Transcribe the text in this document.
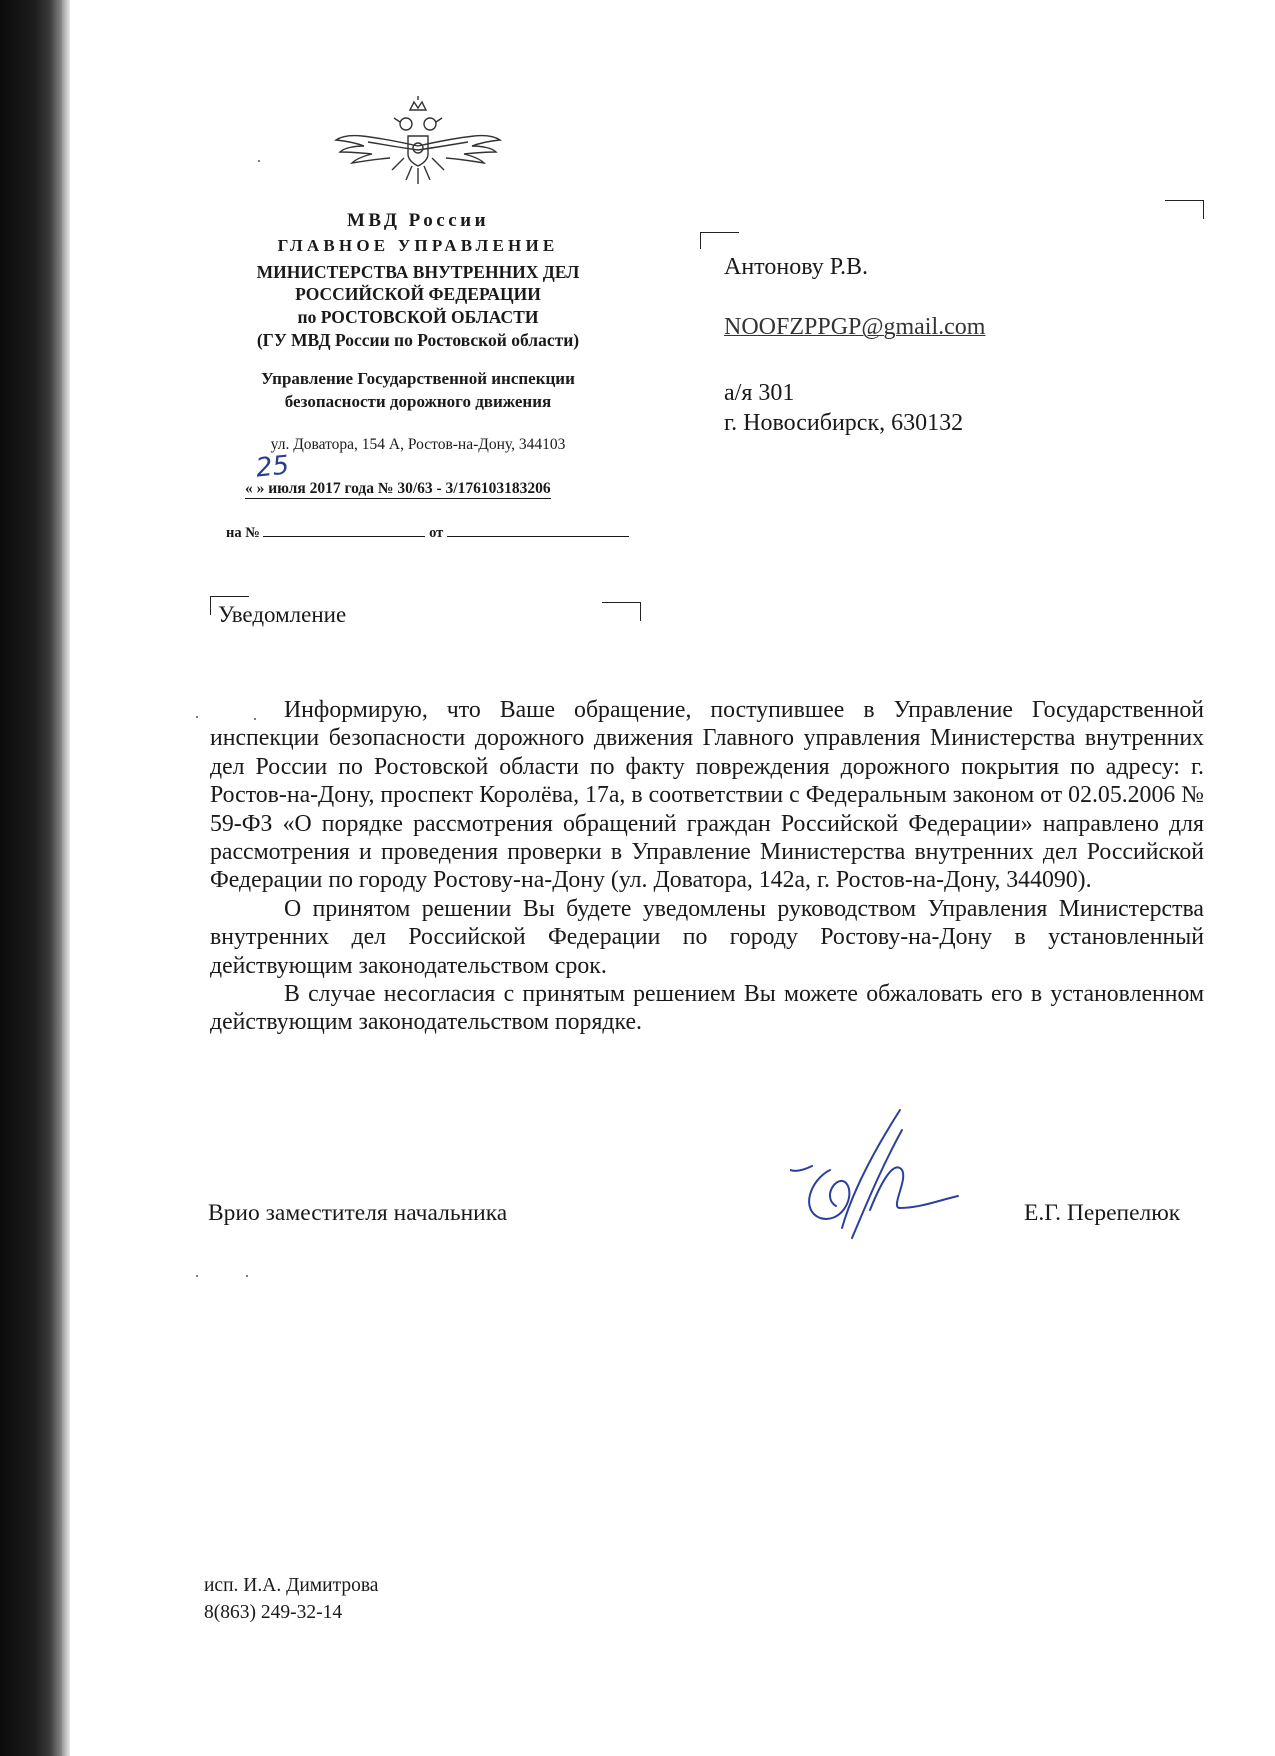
МВД России
ГЛАВНОЕ УПРАВЛЕНИЕ
МИНИСТЕРСТВА ВНУТРЕННИХ ДЕЛ
РОССИЙСКОЙ ФЕДЕРАЦИИ
по РОСТОВСКОЙ ОБЛАСТИ
(ГУ МВД России по Ростовской области)
Управление Государственной инспекции
безопасности дорожного движения
ул. Доватора, 154 А, Ростов-на-Дону, 344103
25
« » июля 2017 года № 30/63 - 3/176103183206
на №	от
Антонову Р.В.
NOOFZPPGP@gmail.com
а/я 301
г. Новосибирск, 630132
Уведомление

Информирую, что Ваше обращение, поступившее в Управление Государственной инспекции безопасности дорожного движения Главного управления Министерства внутренних дел России по Ростовской области по факту повреждения дорожного покрытия по адресу: г. Ростов-на-Дону, проспект Королёва, 17а, в соответствии с Федеральным законом от 02.05.2006 № 59-ФЗ «О порядке рассмотрения обращений граждан Российской Федерации» направлено для рассмотрения и проведения проверки в Управление Министерства внутренних дел Российской Федерации по городу Ростову-на-Дону (ул. Доватора, 142а, г. Ростов-на-Дону, 344090).

О принятом решении Вы будете уведомлены руководством Управления Министерства внутренних дел Российской Федерации по городу Ростову-на-Дону в установленный действующим законодательством срок.

В случае несогласия с принятым решением Вы можете обжаловать его в установленном действующим законодательством порядке.

Врио заместителя начальника	Е.Г. Перепелюк
исп. И.А. Димитрова
8(863) 249-32-14
